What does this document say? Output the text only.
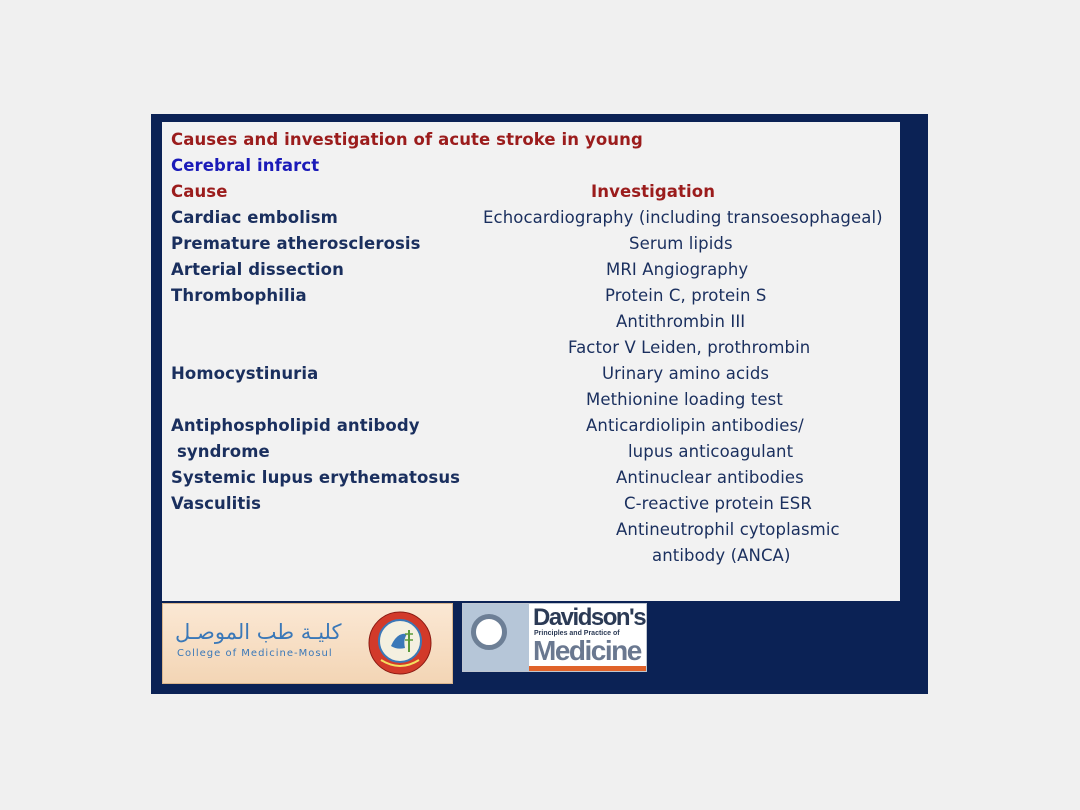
Causes and investigation of acute stroke in young
Cerebral infarct
Cause	Investigation
Cardiac embolism
Premature atherosclerosis
Arterial dissection
Thrombophilia
Homocystinuria
Antiphospholipid antibody
syndrome
Systemic lupus erythematosus
Vasculitis
Echocardiography (including transoesophageal)
Serum lipids
MRI Angiography
Protein C, protein S
Antithrombin III
Factor V Leiden, prothrombin
Urinary amino acids
Methionine loading test
Anticardiolipin antibodies/
lupus anticoagulant
Antinuclear antibodies
C-reactive protein ESR
Antineutrophil cytoplasmic
antibody (ANCA)
كليـة طب الموصـل
College of Medicine-Mosul
Davidson's
Principles and Practice of
Medicine
